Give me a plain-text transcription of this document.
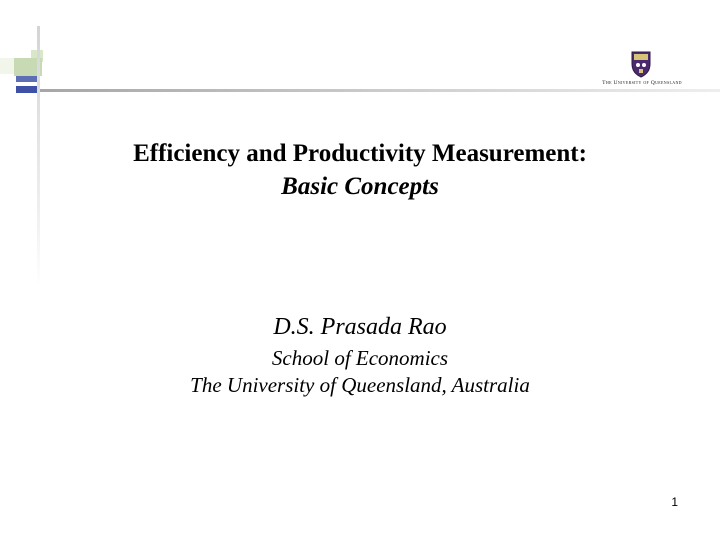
The University of Queensland
Efficiency and Productivity Measurement:
Basic Concepts
D.S. Prasada Rao
School of Economics
The University of Queensland, Australia
1
